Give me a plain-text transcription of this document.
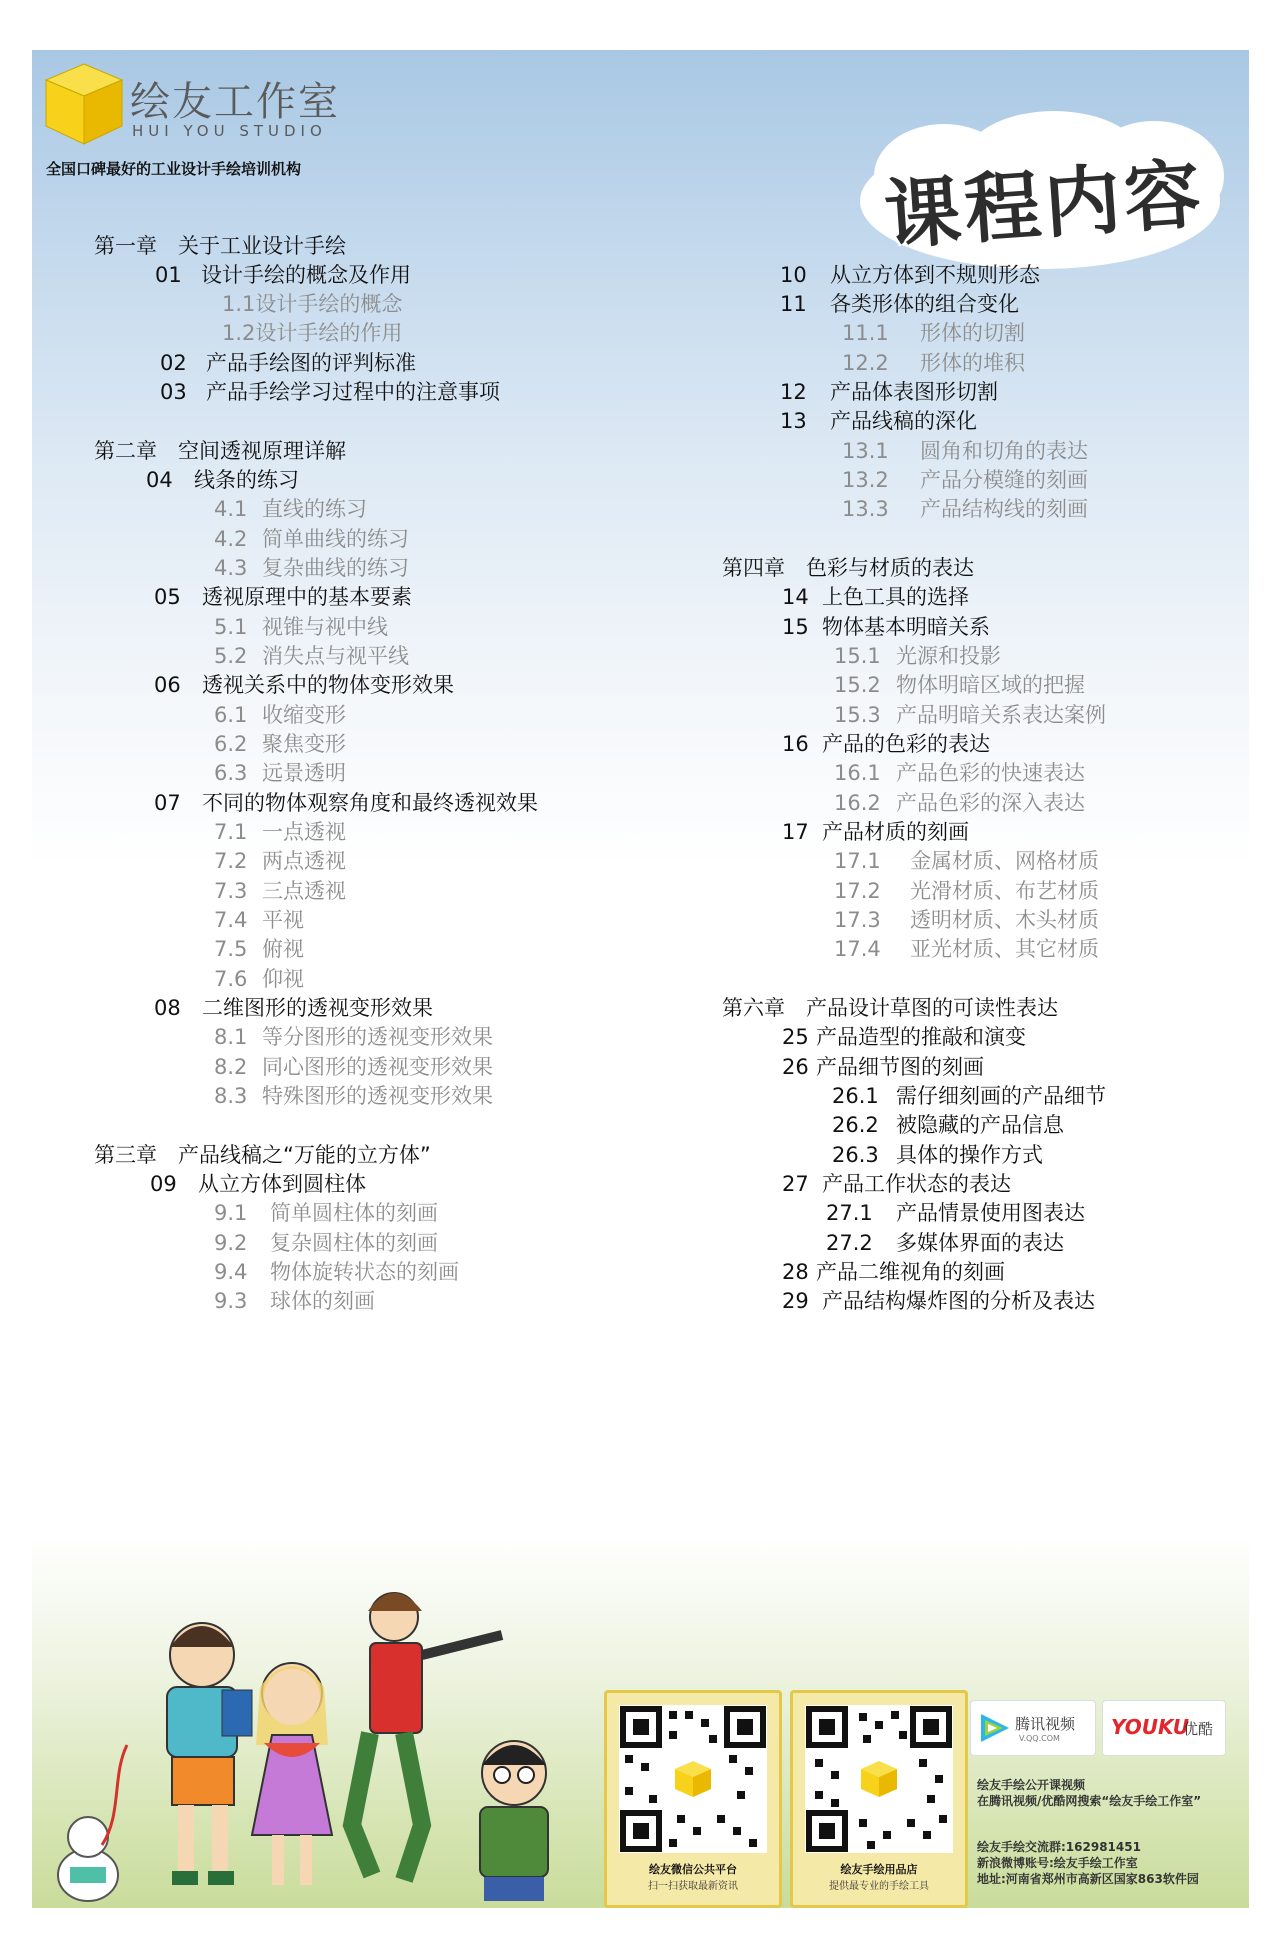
绘友工作室
HUI YOU STUDIO
全国口碑最好的工业设计手绘培训机构	课程内容
第一章　关于工业设计手绘
01 设计手绘的概念及作用
1.1设计手绘的概念
1.2设计手绘的作用
02 产品手绘图的评判标准
03 产品手绘学习过程中的注意事项
第二章　空间透视原理详解
04 线条的练习
4.1 直线的练习
4.2 简单曲线的练习
4.3 复杂曲线的练习
05 透视原理中的基本要素
5.1 视锥与视中线
5.2 消失点与视平线
06 透视关系中的物体变形效果
6.1 收缩变形
6.2 聚焦变形
6.3 远景透明
07 不同的物体观察角度和最终透视效果
7.1 一点透视
7.2 两点透视
7.3 三点透视
7.4 平视
7.5 俯视
7.6 仰视
08 二维图形的透视变形效果
8.1 等分图形的透视变形效果
8.2 同心图形的透视变形效果
8.3 特殊图形的透视变形效果
第三章　产品线稿之“万能的立方体”
09 从立方体到圆柱体
9.1 简单圆柱体的刻画
9.2 复杂圆柱体的刻画
9.4 物体旋转状态的刻画
9.3 球体的刻画
10 从立方体到不规则形态
11 各类形体的组合变化
11.1 形体的切割
12.2 形体的堆积
12 产品体表图形切割
13 产品线稿的深化
13.1 圆角和切角的表达
13.2 产品分模缝的刻画
13.3 产品结构线的刻画
第四章　色彩与材质的表达
14 上色工具的选择
15 物体基本明暗关系
15.1 光源和投影
15.2 物体明暗区域的把握
15.3 产品明暗关系表达案例
16 产品的色彩的表达
16.1 产品色彩的快速表达
16.2 产品色彩的深入表达
17 产品材质的刻画
17.1 金属材质、网格材质
17.2 光滑材质、布艺材质
17.3 透明材质、木头材质
17.4 亚光材质、其它材质
第六章　产品设计草图的可读性表达
25 产品造型的推敲和演变
26 产品细节图的刻画
26.1 需仔细刻画的产品细节
26.2 被隐藏的产品信息
26.3 具体的操作方式
27 产品工作状态的表达
27.1 产品情景使用图表达
27.2 多媒体界面的表达
28 产品二维视角的刻画
29 产品结构爆炸图的分析及表达
绘友微信公共平台
扫一扫获取最新资讯
绘友手绘用品店
提供最专业的手绘工具
腾讯视频
V.QQ.COM	YOUKU
优酷
绘友手绘公开课视频
在腾讯视频/优酷网搜索“绘友手绘工作室”
绘友手绘交流群:162981451
新浪微博账号:绘友手绘工作室
地址:河南省郑州市高新区国家863软件园
